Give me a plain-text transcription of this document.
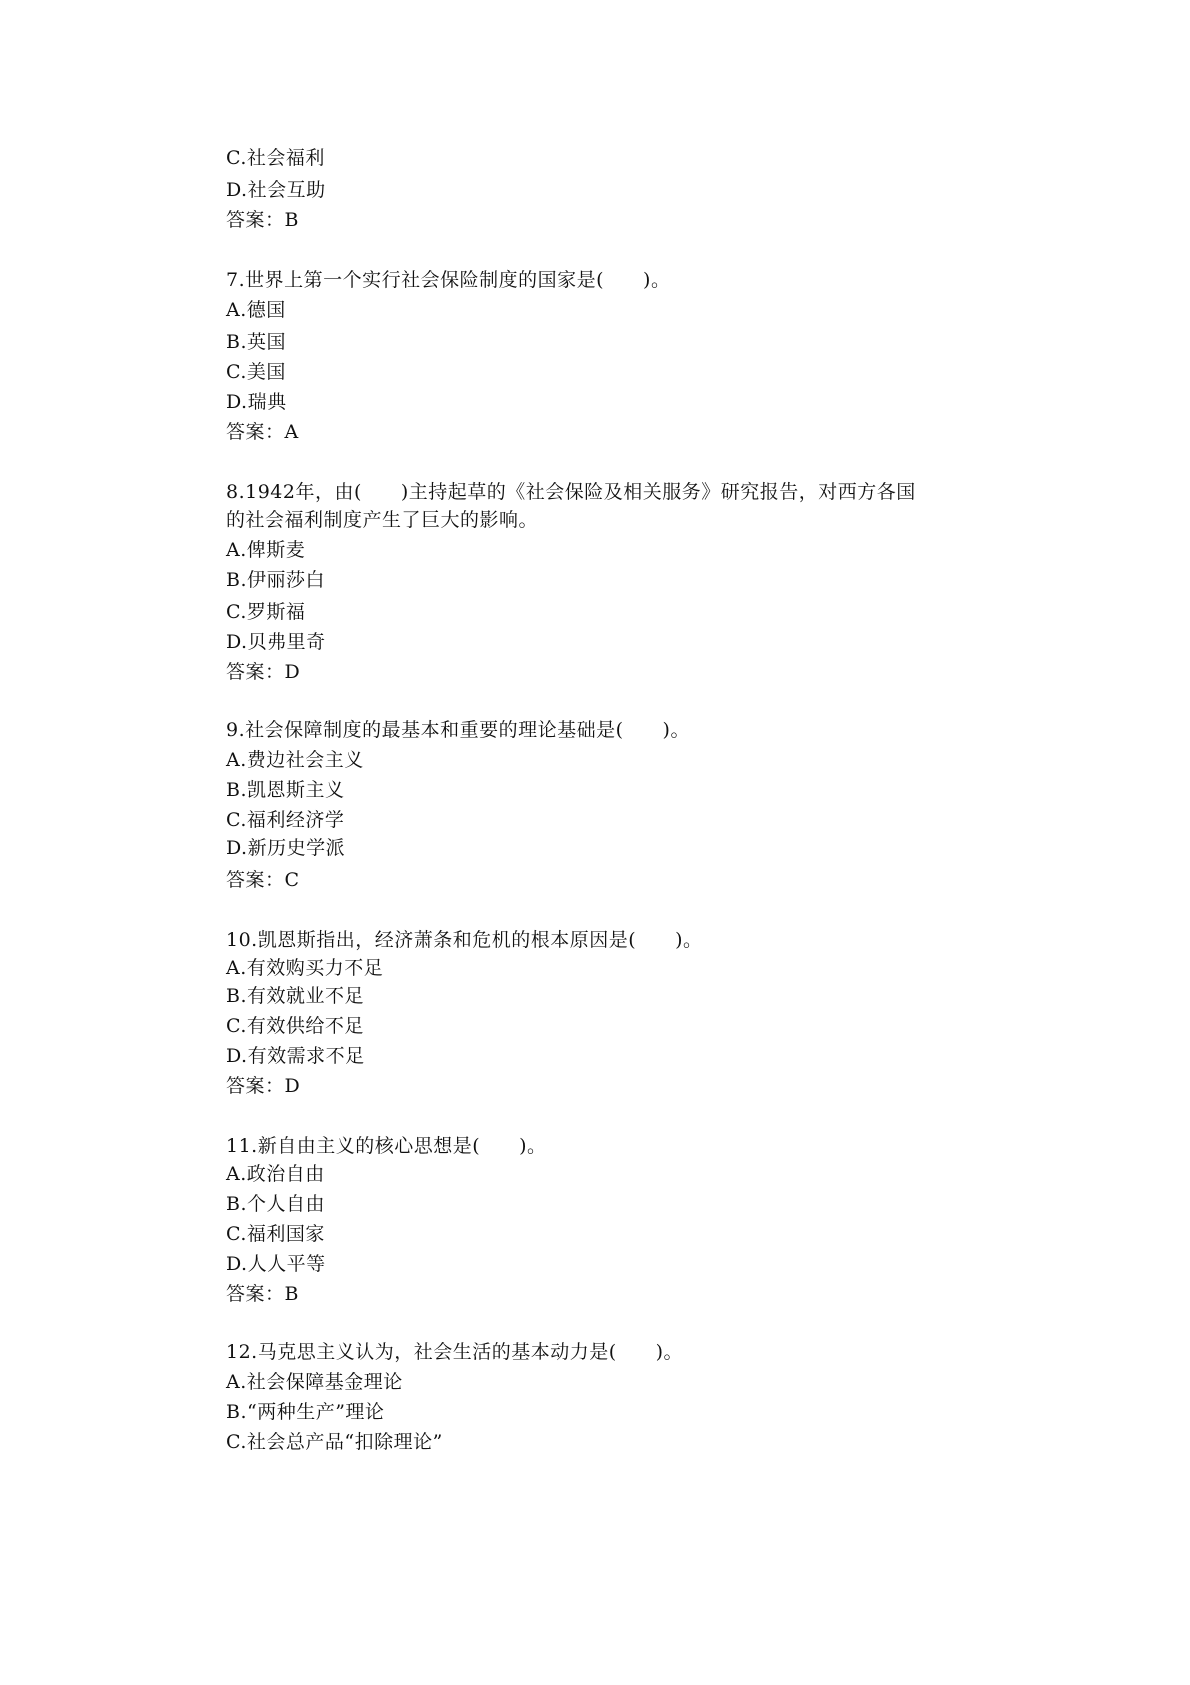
C.社会福利
D.社会互助
答案：B
7.世界上第一个实行社会保险制度的国家是(　　)。
A.德国
B.英国
C.美国
D.瑞典
答案：A
8.1942年，由(　　)主持起草的《社会保险及相关服务》研究报告，对西方各国
的社会福利制度产生了巨大的影响。
A.俾斯麦
B.伊丽莎白
C.罗斯福
D.贝弗里奇
答案：D
9.社会保障制度的最基本和重要的理论基础是(　　)。
A.费边社会主义
B.凯恩斯主义
C.福利经济学
D.新历史学派
答案：C
10.凯恩斯指出，经济萧条和危机的根本原因是(　　)。
A.有效购买力不足
B.有效就业不足
C.有效供给不足
D.有效需求不足
答案：D
11.新自由主义的核心思想是(　　)。
A.政治自由
B.个人自由
C.福利国家
D.人人平等
答案：B
12.马克思主义认为，社会生活的基本动力是(　　)。
A.社会保障基金理论
B.“两种生产”理论
C.社会总产品“扣除理论”
